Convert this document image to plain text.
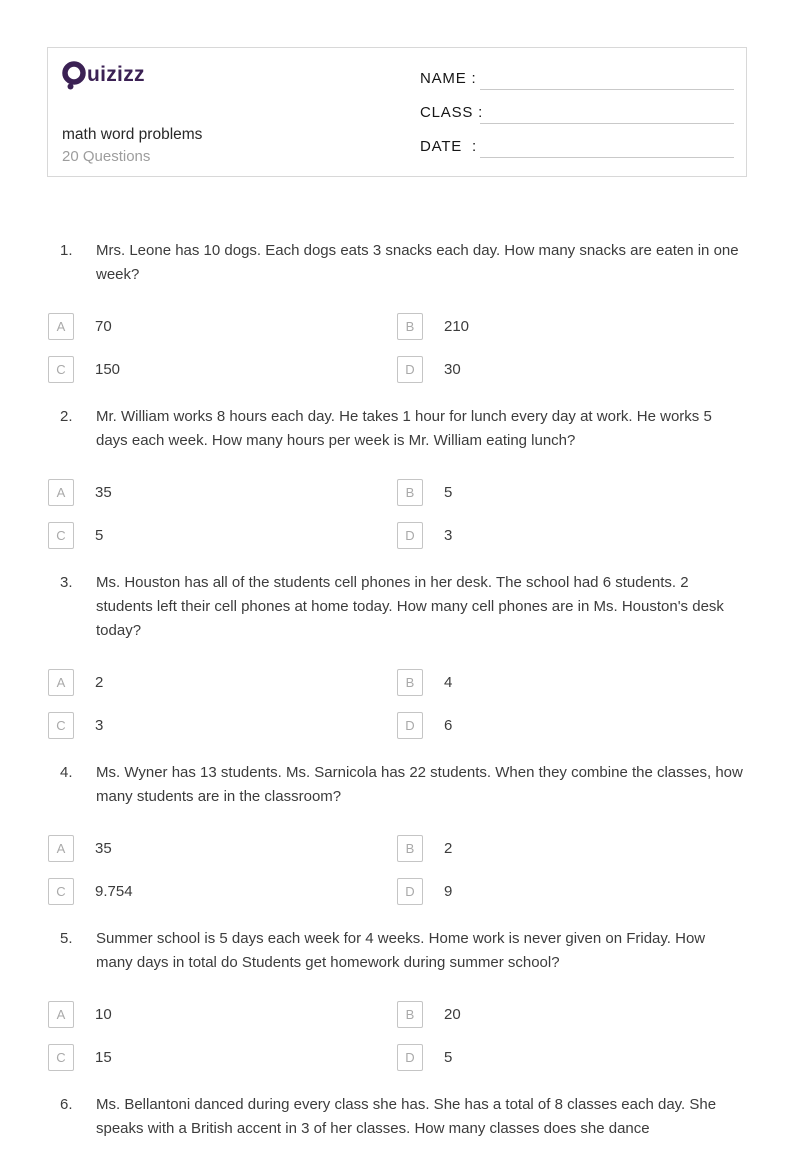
uizizz
math word problems
20 Questions
NAME :
CLASS :
DATE  :
1.	Mrs. Leone has 10 dogs. Each dogs eats 3 snacks each day. How many snacks are eaten in one week?
A	70	B	210
C	150	D	30
2.	Mr. William works 8 hours each day. He takes 1 hour for lunch every day at work. He works 5 days each week. How many hours per week is Mr. William eating lunch?
A	35	B	5
C	5	D	3
3.	Ms. Houston has all of the students cell phones in her desk. The school had 6 students. 2 students left their cell phones at home today. How many cell phones are in Ms. Houston's desk today?
A	2	B	4
C	3	D	6
4.	Ms. Wyner has 13 students. Ms. Sarnicola has 22 students. When they combine the classes, how many students are in the classroom?
A	35	B	2
C	9.754	D	9
5.	Summer school is 5 days each week for 4 weeks. Home work is never given on Friday. How many days in total do Students get homework during summer school?
A	10	B	20
C	15	D	5
6.	Ms. Bellantoni danced during every class she has. She has a total of 8 classes each day. She speaks with a British accent in 3 of her classes. How many classes does she dance
